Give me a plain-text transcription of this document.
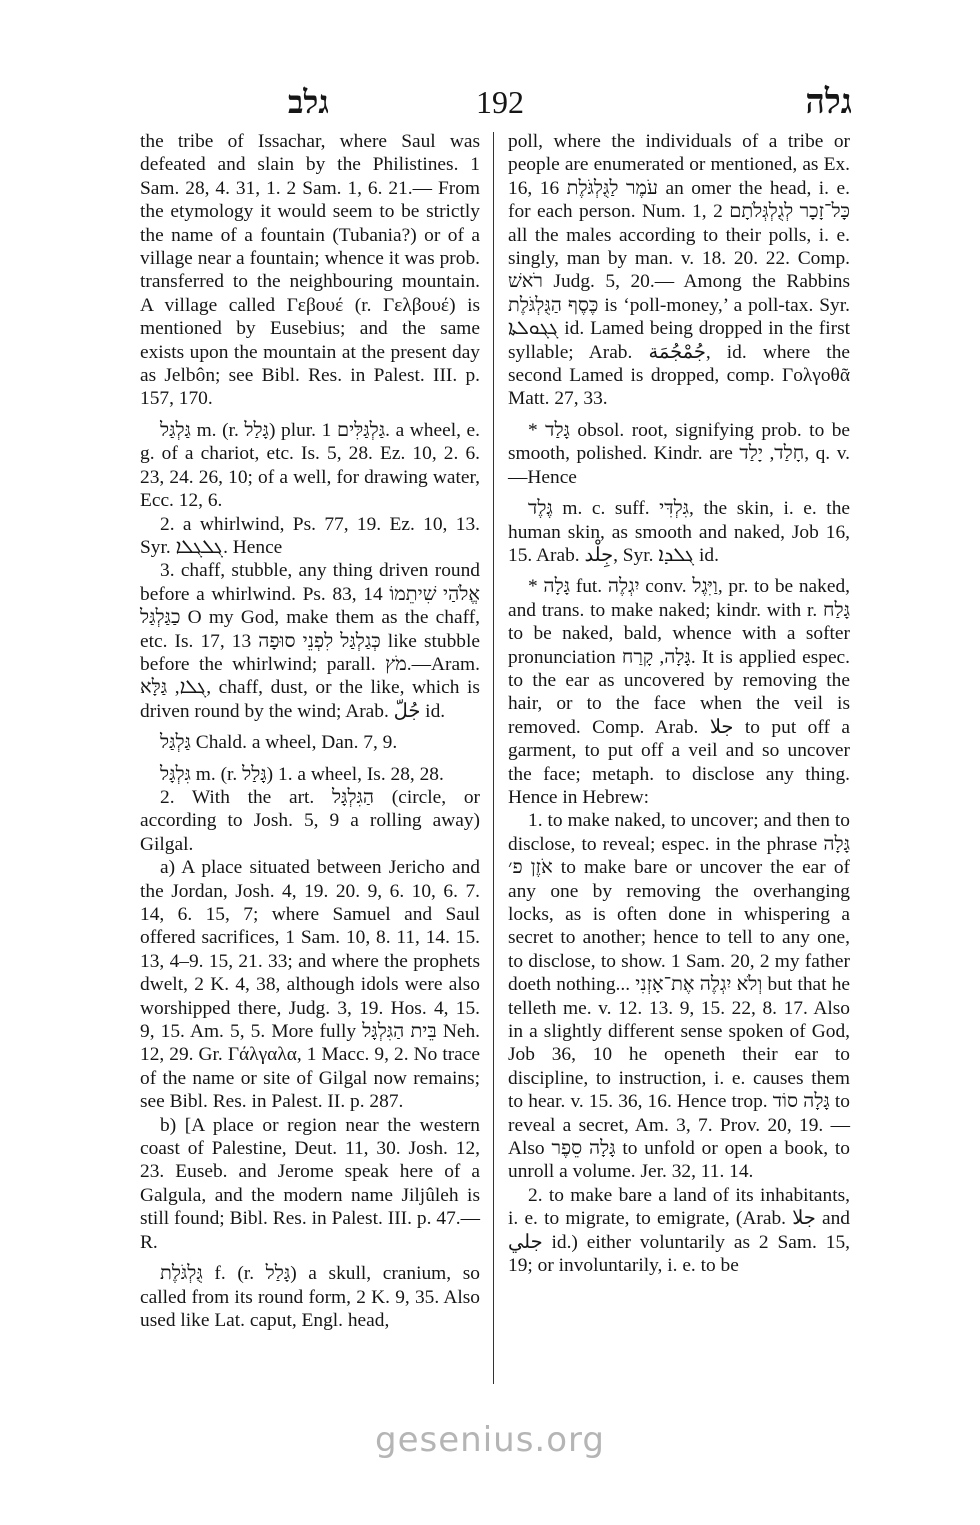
גלב	192	גלה

the tribe of Issachar, where Saul was defeated and slain by the Philistines. 1 Sam. 28, 4. 31, 1. 2 Sam. 1, 6. 21.— From the etymology it would seem to be strictly the name of a fountain (Tubania?) or of a village near a fountain; whence it was prob. transferred to the neighbouring mountain. A village called Γεβουέ (r. Γελβουέ) is mentioned by Eusebius; and the same exists upon the mountain at the present day as Jelbôn; see Bibl. Res. in Palest. III. p. 157, 170.

גַּלְגַּל m. (r. גָּלַל) plur. גַּלְגַּלִּים 1. a wheel, e. g. of a chariot, etc. Is. 5, 28. Ez. 10, 2. 6. 23, 24. 26, 10; of a well, for drawing water, Ecc. 12, 6.

2. a whirlwind, Ps. 77, 19. Ez. 10, 13. Syr. ܓܠܓܠܐ. Hence

3. chaff, stubble, any thing driven round before a whirlwind. Ps. 83, 14 אֱלֹהַי שִׁיתֵמוֹ כַגַּלְגַּל O my God, make them as the chaff, etc. Is. 17, 13 כְּגַלְגַּל לִפְנֵי סוּפָה like stubble before the whirlwind; parall. מֹץ.—Aram. ܓܠܐ, גַּלָּא, chaff, dust, or the like, which is driven round by the wind; Arab. جُلّ id.

גַּלְגַּל Chald. a wheel, Dan. 7, 9.

גִּלְגָּל m. (r. גָּלַל) 1. a wheel, Is. 28, 28.

2. With the art. הַגִּלְגָּל (circle, or according to Josh. 5, 9 a rolling away) Gilgal.

a) A place situated between Jericho and the Jordan, Josh. 4, 19. 20. 9, 6. 10, 6. 7. 14, 6. 15, 7; where Samuel and Saul offered sacrifices, 1 Sam. 10, 8. 11, 14. 15. 13, 4–9. 15, 21. 33; and where the prophets dwelt, 2 K. 4, 38, although idols were also worshipped there, Judg. 3, 19. Hos. 4, 15. 9, 15. Am. 5, 5. More fully בֵּית הַגִּלְגָּל Neh. 12, 29. Gr. Γάλγαλα, 1 Macc. 9, 2. No trace of the name or site of Gilgal now remains; see Bibl. Res. in Palest. II. p. 287.

b) [A place or region near the western coast of Palestine, Deut. 11, 30. Josh. 12, 23. Euseb. and Jerome speak here of a Galgula, and the modern name Jiljûleh is still found; Bibl. Res. in Palest. III. p. 47.—R.

גֻּלְגֹּלֶת f. (r. גָּלַל) a skull, cranium, so called from its round form, 2 K. 9, 35. Also used like Lat. caput, Engl. head,

poll, where the individuals of a tribe or people are enumerated or mentioned, as Ex. 16, 16 עֹמֶר לַגֻּלְגֹּלֶת an omer the head, i. e. for each person. Num. 1, 2 כָּל־זָכָר לְגֻלְגְּלֹתָם all the males according to their polls, i. e. singly, man by man. v. 18. 20. 22. Comp. רֹאשׁ Judg. 5, 20.— Among the Rabbins כֶּסֶף הַגֻּלְגֹּלֶת is ‘poll-money,’ a poll-tax. Syr. ܓܓܘܠܬܐ id. Lamed being dropped in the first syllable; Arab. جُمْجُمَة, id. where the second Lamed is dropped, comp. Γολγοθᾶ Matt. 27, 33.

* גָּלַד obsol. root, signifying prob. to be smooth, polished. Kindr. are חָלַד, יָלַד, q. v.—Hence

גֶּלֶד m. c. suff. גִּלְדִּי, the skin, i. e. the human skin, as smooth and naked, Job 16, 15. Arab. جِلْد, Syr. ܓܠܕܐ id.

* גָּלָה fut. יִגְלֶה conv. וַיִּגֶל, pr. to be naked, and trans. to make naked; kindr. with r. גָּלַח to be naked, bald, whence with a softer pronunciation גָּלָה, קָרַח. It is applied espec. to the ear as uncovered by removing the hair, or to the face when the veil is removed. Comp. Arab. جلا to put off a garment, to put off a veil and so uncover the face; metaph. to disclose any thing. Hence in Hebrew:

1. to make naked, to uncover; and then to disclose, to reveal; espec. in the phrase גָּלָה אֹזֶן פ׳ to make bare or uncover the ear of any one by removing the overhanging locks, as is often done in whispering a secret to another; hence to tell to any one, to disclose, to show. 1 Sam. 20, 2 my father doeth nothing... וְלֹא יִגְלֶה אֶת־אָזְנִי but that he telleth me. v. 12. 13. 9, 15. 22, 8. 17. Also in a slightly different sense spoken of God, Job 36, 10 he openeth their ear to discipline, to instruction, i. e. causes them to hear. v. 15. 36, 16. Hence trop. גָּלָה סוֹד to reveal a secret, Am. 3, 7. Prov. 20, 19. —Also גָּלָה סֵפֶר to unfold or open a book, to unroll a volume. Jer. 32, 11. 14.

2. to make bare a land of its inhabitants, i. e. to migrate, to emigrate, (Arab. جلا and جلي id.) either voluntarily as 2 Sam. 15, 19; or involuntarily, i. e. to be

gesenius.org
